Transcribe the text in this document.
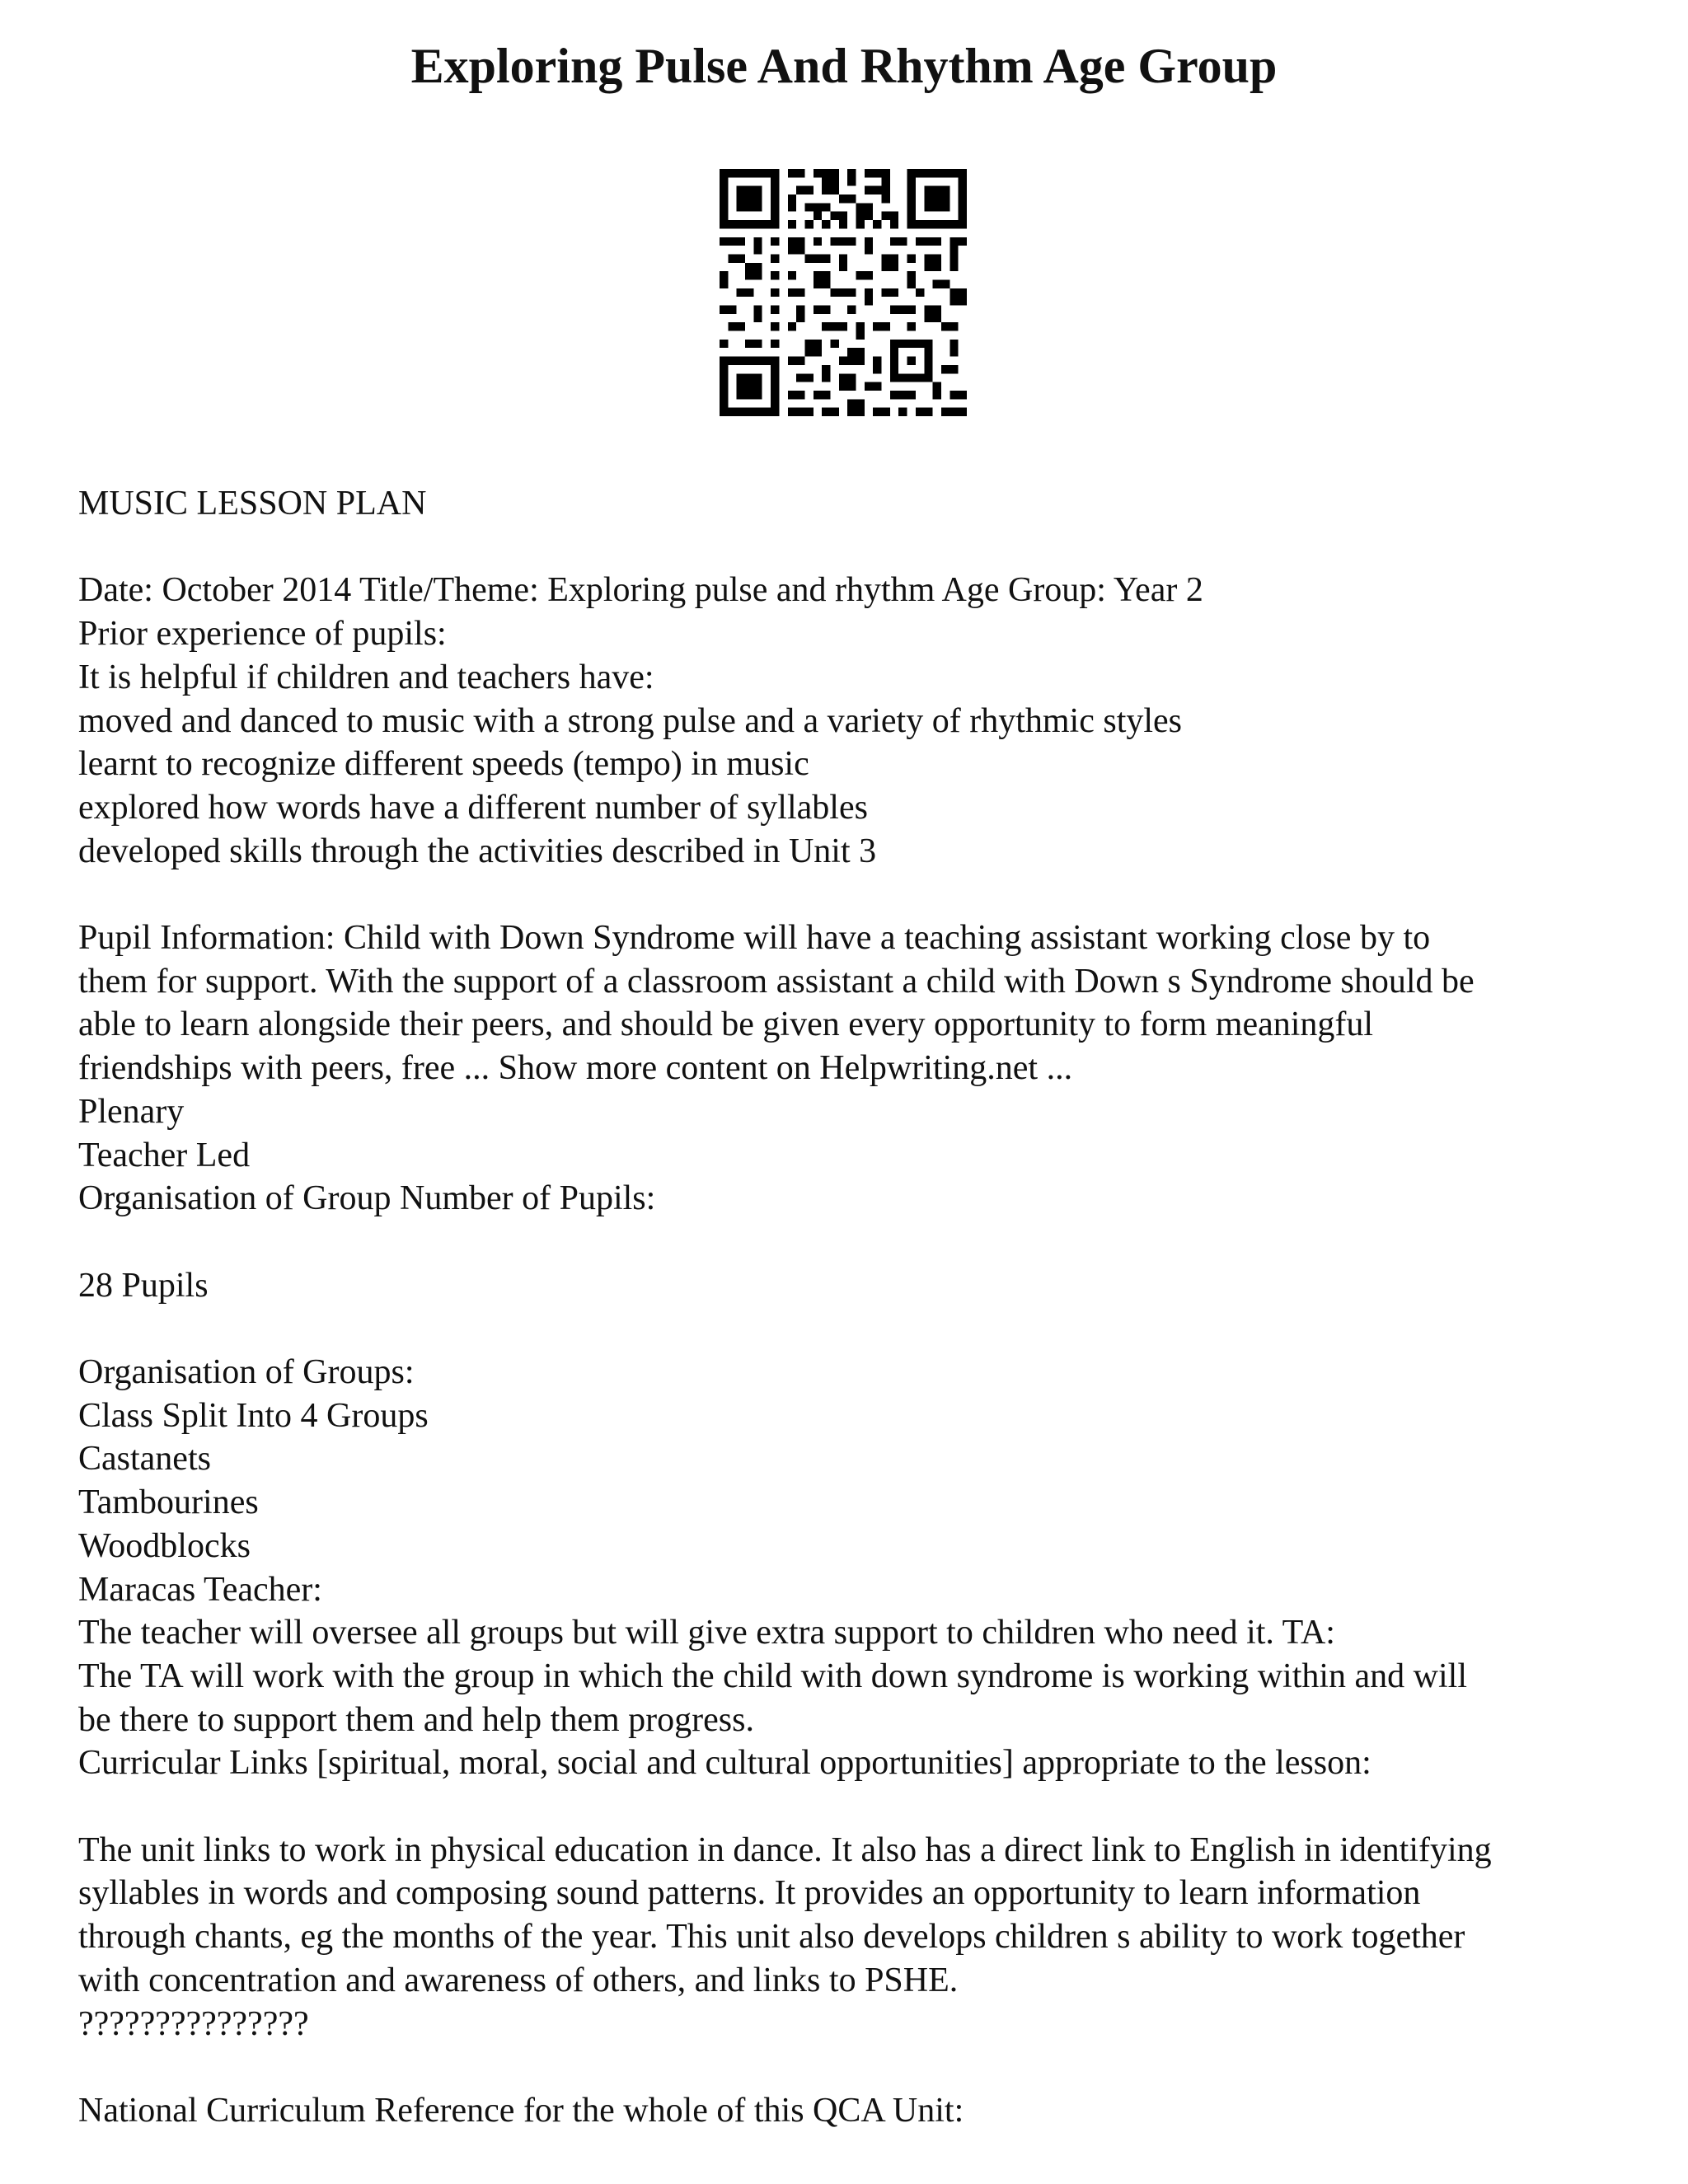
Exploring Pulse And Rhythm Age Group
MUSIC LESSON PLAN
Date: October 2014 Title/Theme: Exploring pulse and rhythm Age Group: Year 2
Prior experience of pupils:
It is helpful if children and teachers have:
moved and danced to music with a strong pulse and a variety of rhythmic styles
learnt to recognize different speeds (tempo) in music
explored how words have a different number of syllables
developed skills through the activities described in Unit 3
Pupil Information: Child with Down Syndrome will have a teaching assistant working close by to
them for support. With the support of a classroom assistant a child with Down s Syndrome should be
able to learn alongside their peers, and should be given every opportunity to form meaningful
friendships with peers, free ... Show more content on Helpwriting.net ...
Plenary
Teacher Led
Organisation of Group Number of Pupils:
28 Pupils
Organisation of Groups:
Class Split Into 4 Groups
Castanets
Tambourines
Woodblocks
Maracas Teacher:
The teacher will oversee all groups but will give extra support to children who need it. TA:
The TA will work with the group in which the child with down syndrome is working within and will
be there to support them and help them progress.
Curricular Links [spiritual, moral, social and cultural opportunities] appropriate to the lesson:
The unit links to work in physical education in dance. It also has a direct link to English in identifying
syllables in words and composing sound patterns. It provides an opportunity to learn information
through chants, eg the months of the year. This unit also develops children s ability to work together
with concentration and awareness of others, and links to PSHE.
???????????????
National Curriculum Reference for the whole of this QCA Unit:
